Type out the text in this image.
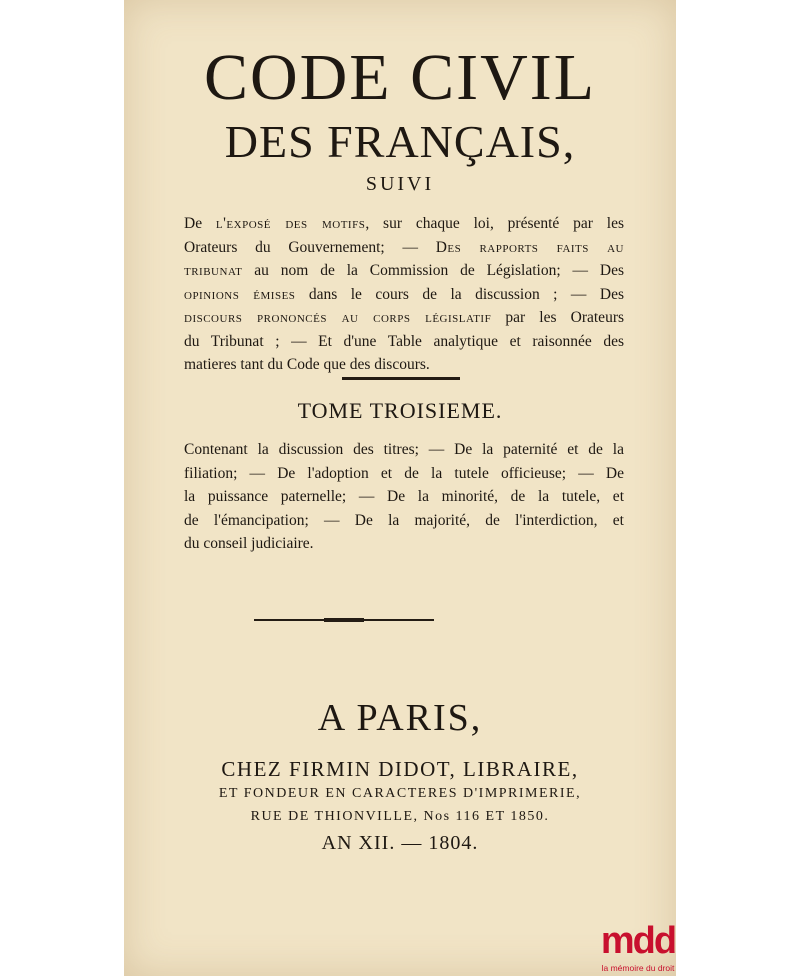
CODE CIVIL
DES FRANÇAIS,
SUIVI
De l'exposé des motifs, sur chaque loi, présenté par les
Orateurs du Gouvernement; — Des rapports faits au
tribunat au nom de la Commission de Législation; — Des
opinions émises dans le cours de la discussion ; — Des
discours prononcés au corps législatif par les Orateurs
du Tribunat ; — Et d'une Table analytique et raisonnée des
matieres tant du Code que des discours.
TOME TROISIEME.
Contenant la discussion des titres; — De la paternité et de la
filiation; — De l'adoption et de la tutele officieuse; — De
la puissance paternelle; — De la minorité, de la tutele, et
de l'émancipation; — De la majorité, de l'interdiction, et
du conseil judiciaire.
A PARIS,
CHEZ FIRMIN DIDOT, LIBRAIRE,
ET FONDEUR EN CARACTERES D'IMPRIMERIE,
RUE DE THIONVILLE, Nos 116 ET 1850.
AN XII. — 1804.
mdd
la mémoire du droit
